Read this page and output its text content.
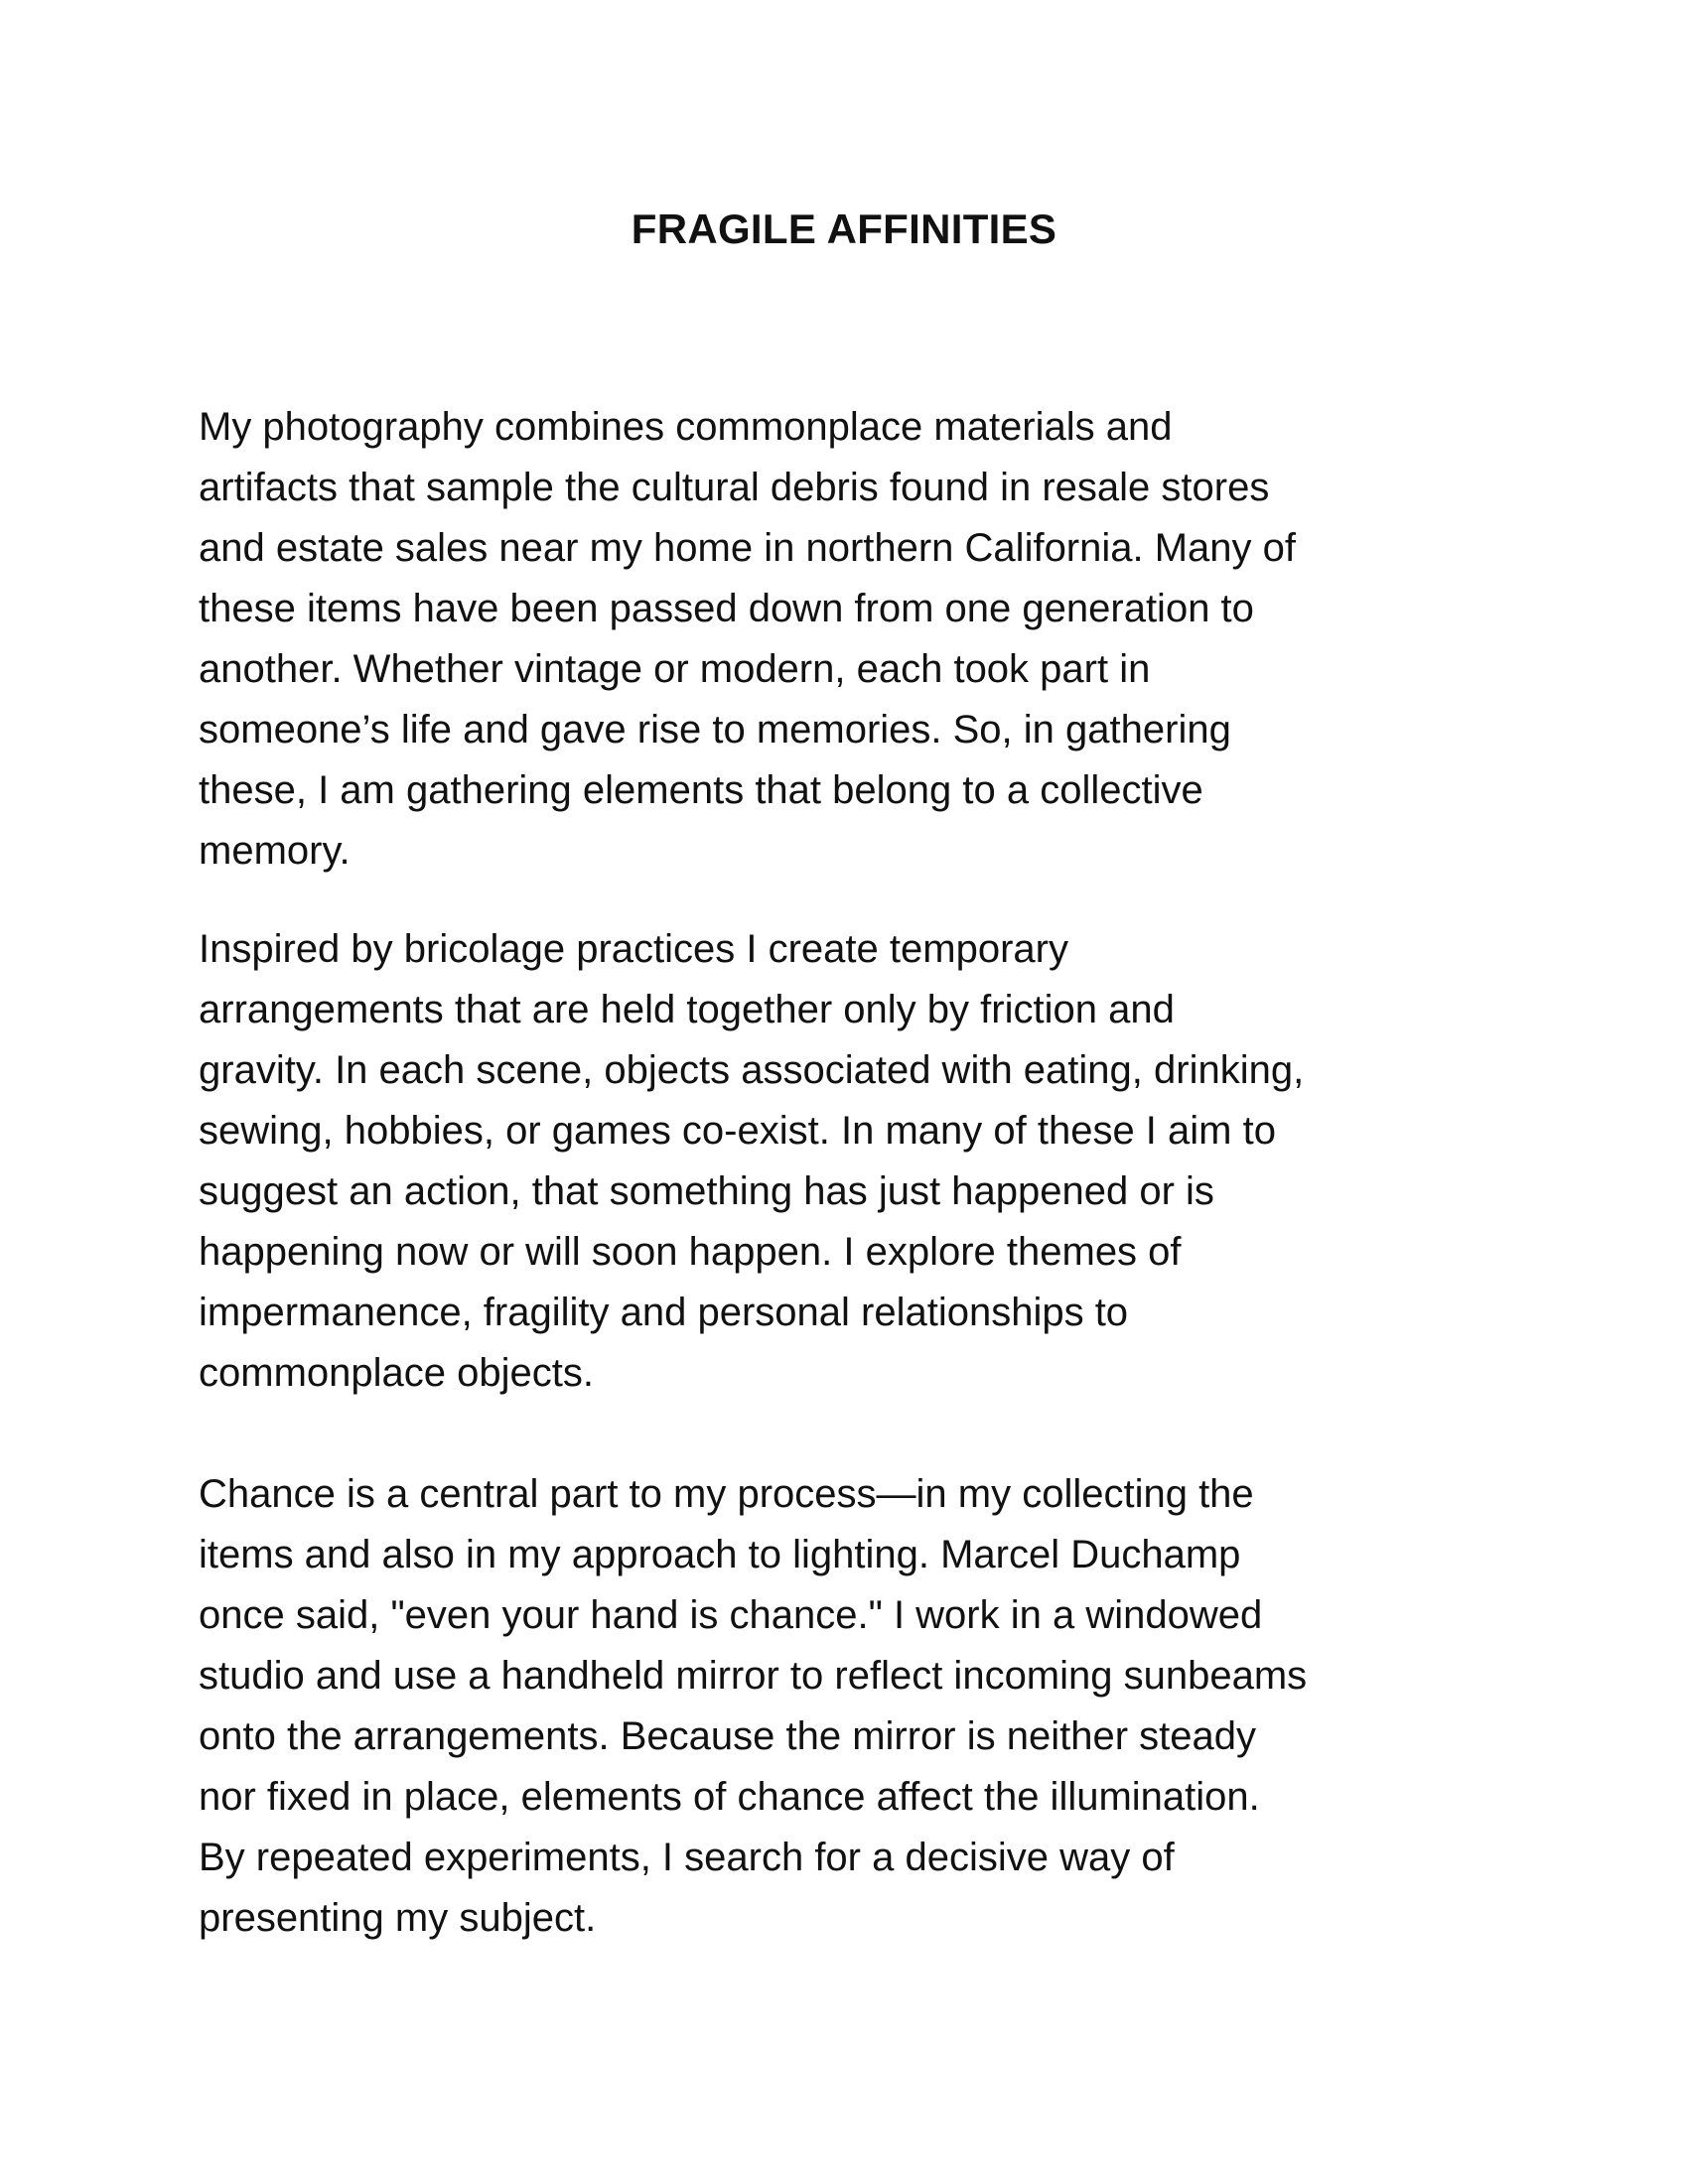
FRAGILE AFFINITIES

My photography combines commonplace materials and
artifacts that sample the cultural debris found in resale stores
and estate sales near my home in northern California. Many of
these items have been passed down from one generation to
another. Whether vintage or modern, each took part in
someone’s life and gave rise to memories. So, in gathering
these, I am gathering elements that belong to a collective
memory.

Inspired by bricolage practices I create temporary
arrangements that are held together only by friction and
gravity. In each scene, objects associated with eating, drinking,
sewing, hobbies, or games co-exist. In many of these I aim to
suggest an action, that something has just happened or is
happening now or will soon happen. I explore themes of
impermanence, fragility and personal relationships to
commonplace objects.

Chance is a central part to my process—in my collecting the
items and also in my approach to lighting. Marcel Duchamp
once said, "even your hand is chance." I work in a windowed
studio and use a handheld mirror to reflect incoming sunbeams
onto the arrangements. Because the mirror is neither steady
nor fixed in place, elements of chance affect the illumination.
By repeated experiments, I search for a decisive way of
presenting my subject.
